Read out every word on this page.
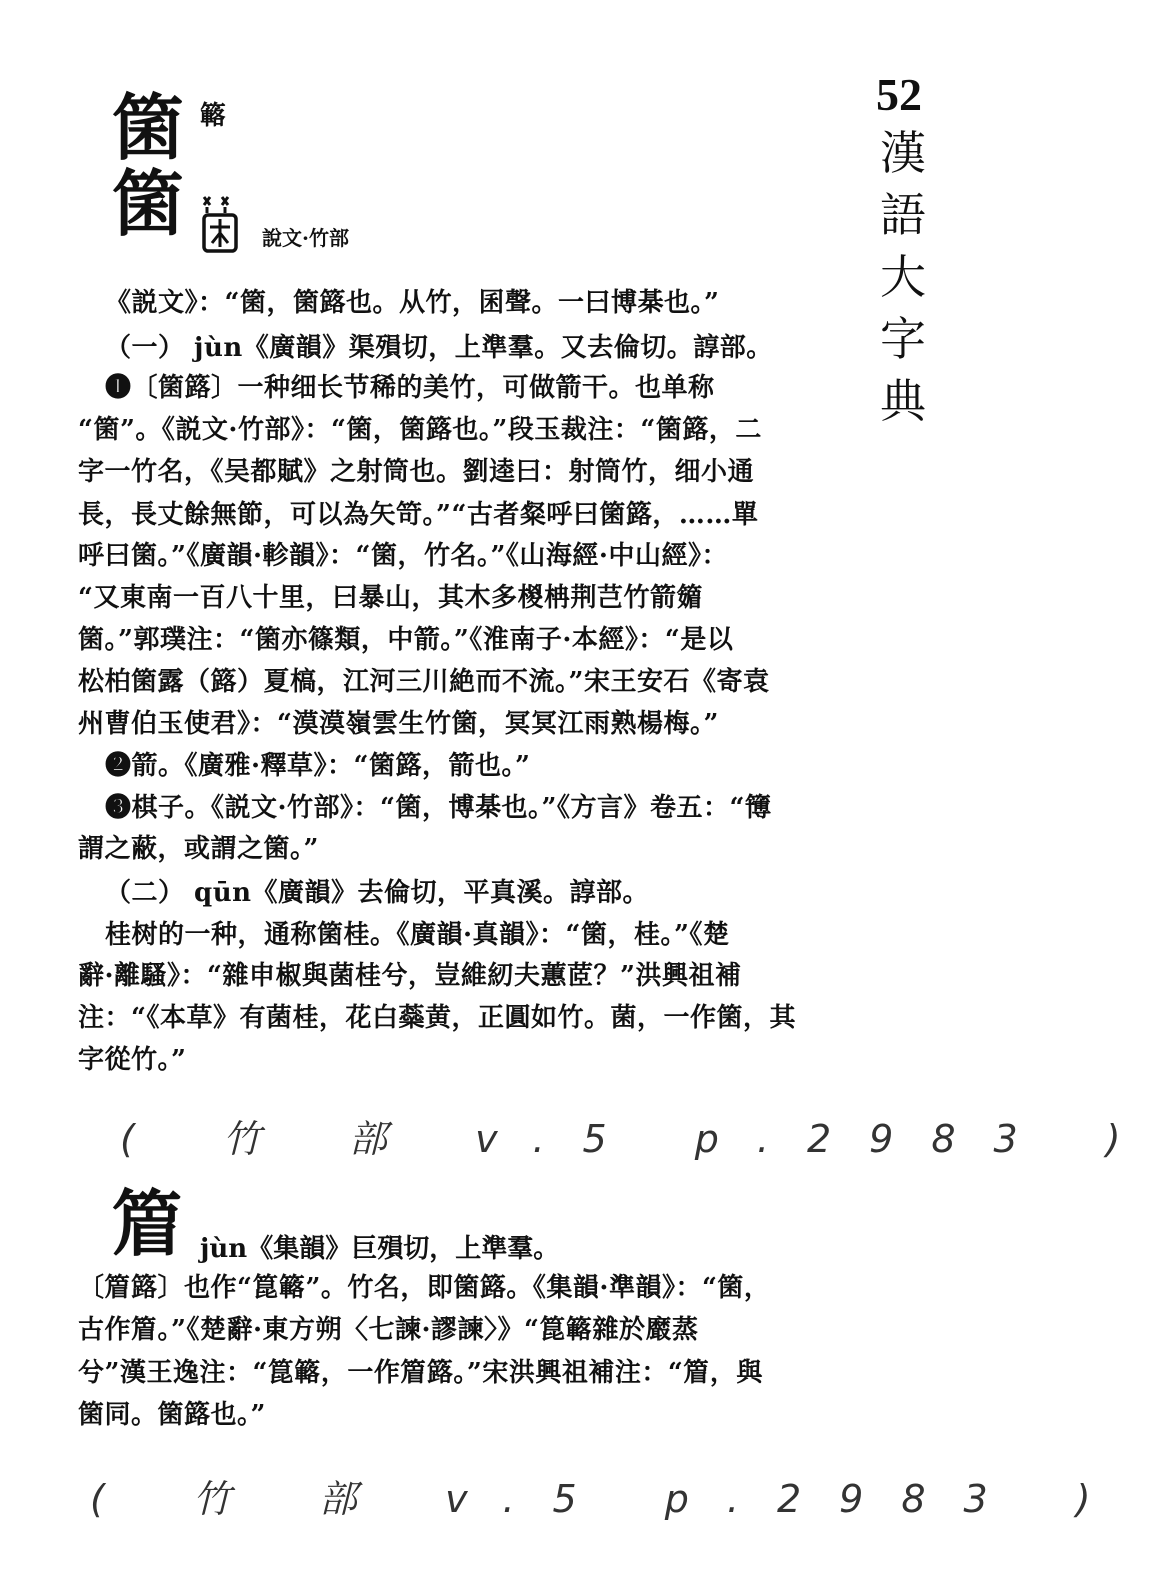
52
漢語大字典
箘 簵
箘	說文·竹部
《説文》：“箘，箘簬也。从竹，囷聲。一曰博棊也。”
（一） jùn《廣韻》渠殞切，上準羣。又去倫切。諄部。
❶〔箘簬〕一种细长节稀的美竹，可做箭干。也单称
“箘”。《説文·竹部》：“箘，箘簬也。”段玉裁注：“箘簬，二
字一竹名，《吴都賦》之射筒也。劉逵曰：射筒竹，细小通
長，長丈餘無節，可以為矢笴。”“古者粲呼曰箘簬，……單
呼曰箘。”《廣韻·軫韻》：“箘，竹名。”《山海經·中山經》：
“又東南一百八十里，曰暴山，其木多椶柟荆芑竹箭䉋
箘。”郭璞注：“箘亦篠類，中箭。”《淮南子·本經》：“是以
松柏箘露（簬）夏槁，江河三川絶而不流。”宋王安石《寄袁
州曹伯玉使君》：“漠漠嶺雲生竹箘，冥冥江雨熟楊梅。”
❷箭。《廣雅·釋草》：“箘簬，箭也。”
❸棋子。《説文·竹部》：“箘，博棊也。”《方言》卷五：“簙
謂之蔽，或謂之箘。”
（二） qūn《廣韻》去倫切，平真溪。諄部。
桂树的一种，通称箘桂。《廣韻·真韻》：“箘，桂。”《楚
辭·離騷》：“雜申椒與菌桂兮，豈維紉夫蕙茝？”洪興祖補
注：“《本草》有菌桂，花白蘂黄，正圓如竹。菌，一作箘，其
字從竹。”
( 竹 部 v.5 p.2983 )
篃 jùn《集韻》巨殞切，上準羣。
〔篃簬〕也作“箟簵”。竹名，即箘簬。《集韻·準韻》：“箘，
古作篃。”《楚辭·東方朔〈七諫·謬諫〉》“箟簵雜於黀蒸
兮”漢王逸注：“箟簵，一作篃簬。”宋洪興祖補注：“篃，與
箘同。箘簬也。”
( 竹 部 v.5 p.2983 )
